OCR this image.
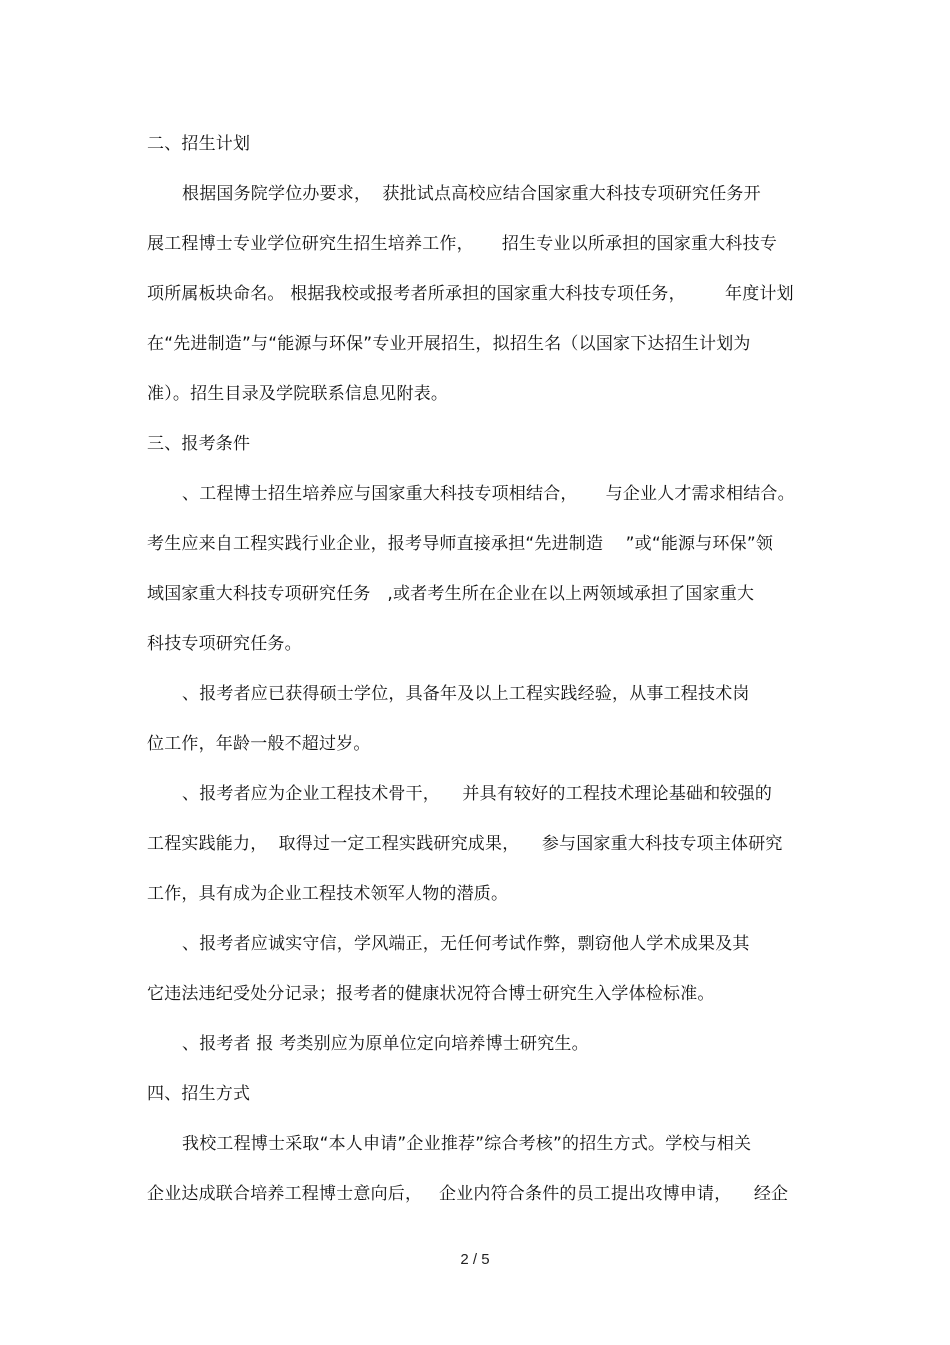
二、招生计划
根据国务院学位办要求，  获批试点高校应结合国家重大科技专项研究任务开
展工程博士专业学位研究生招生培养工作，     招生专业以所承担的国家重大科技专
项所属板块命名。 根据我校或报考者所承担的国家重大科技专项任务，       年度计划
在“先进制造”与“能源与环保”专业开展招生，拟招生名（以国家下达招生计划为
准）。招生目录及学院联系信息见附表。
三、报考条件
、工程博士招生培养应与国家重大科技专项相结合，     与企业人才需求相结合。
考生应来自工程实践行业企业，报考导师直接承担“先进制造    ”或“能源与环保”领
域国家重大科技专项研究任务   ,或者考生所在企业在以上两领域承担了国家重大
科技专项研究任务。
、报考者应已获得硕士学位，具备年及以上工程实践经验，从事工程技术岗
位工作，年龄一般不超过岁。
、报考者应为企业工程技术骨干，    并具有较好的工程技术理论基础和较强的
工程实践能力，  取得过一定工程实践研究成果，    参与国家重大科技专项主体研究
工作，具有成为企业工程技术领军人物的潜质。
、报考者应诚实守信，学风端正，无任何考试作弊，剽窃他人学术成果及其
它违法违纪受处分记录；报考者的健康状况符合博士研究生入学体检标准。
、报考者 报 考类别应为原单位定向培养博士研究生。
四、招生方式
我校工程博士采取“本人申请”企业推荐”综合考核”的招生方式。学校与相关
企业达成联合培养工程博士意向后，   企业内符合条件的员工提出攻博申请，    经企
2 / 5
